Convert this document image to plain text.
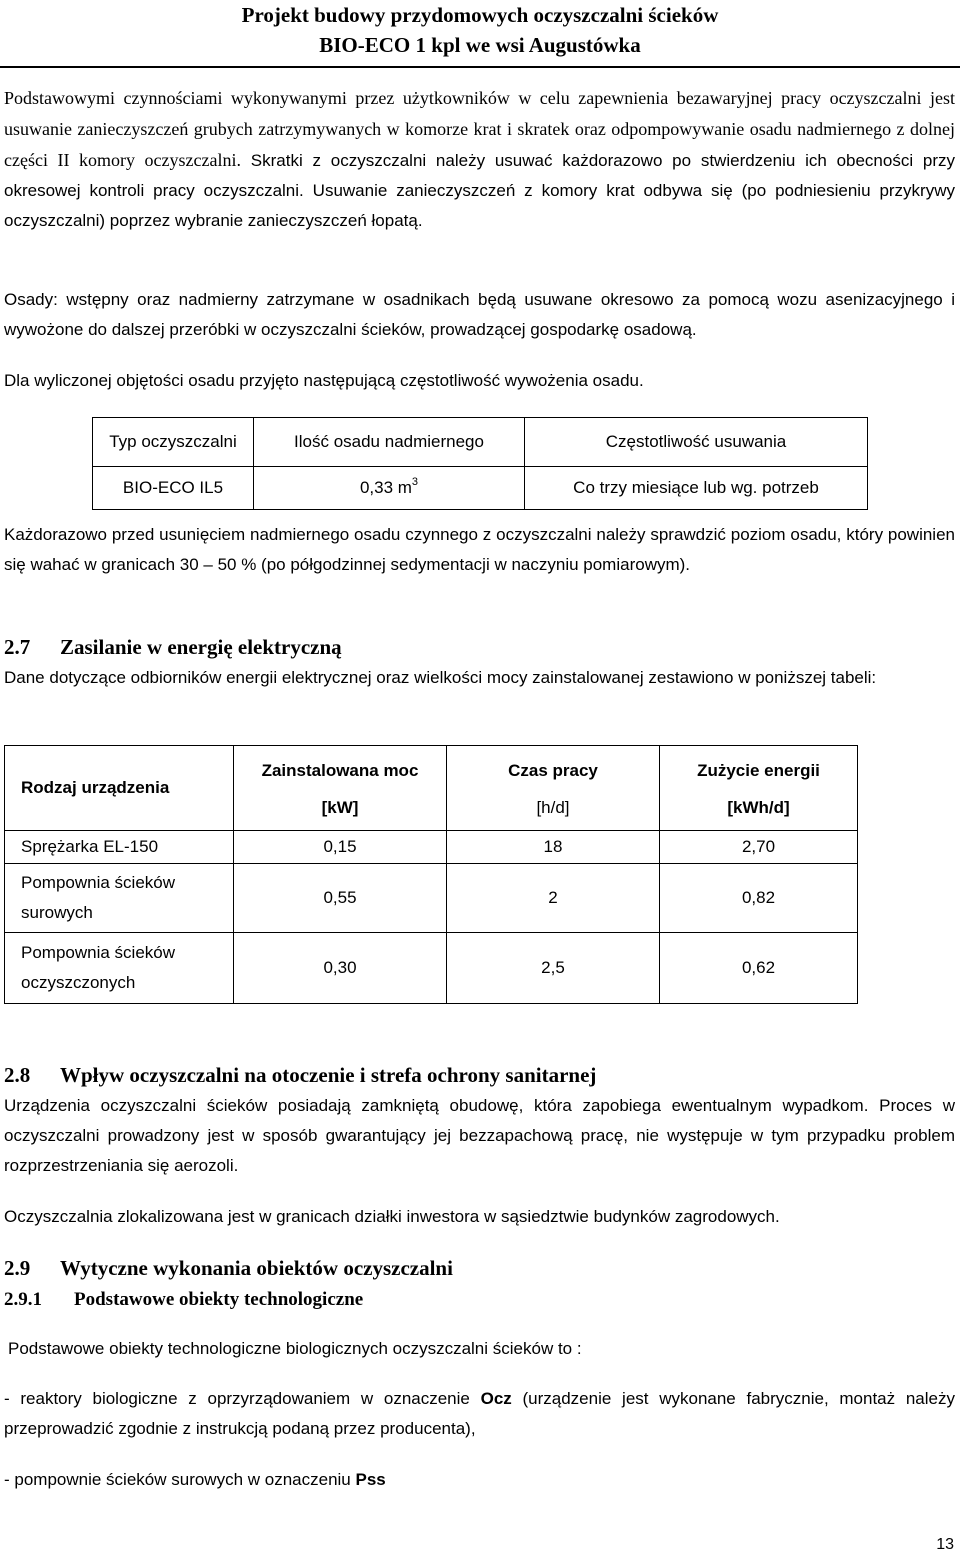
Projekt budowy przydomowych oczyszczalni ścieków
BIO-ECO 1 kpl we wsi Augustówka
Podstawowymi czynnościami wykonywanymi przez użytkowników w celu zapewnienia bezawaryjnej pracy oczyszczalni jest usuwanie zanieczyszczeń grubych zatrzymywanych w komorze krat i skratek oraz odpompowywanie osadu nadmiernego z dolnej części II komory oczyszczalni. Skratki z oczyszczalni należy usuwać każdorazowo po stwierdzeniu ich obecności przy okresowej kontroli pracy oczyszczalni. Usuwanie zanieczyszczeń z komory krat odbywa się (po podniesieniu przykrywy oczyszczalni) poprzez wybranie zanieczyszczeń łopatą.
Osady: wstępny oraz nadmierny zatrzymane w osadnikach będą usuwane okresowo za pomocą wozu asenizacyjnego i wywożone do dalszej przeróbki w oczyszczalni ścieków, prowadzącej gospodarkę osadową.
Dla wyliczonej objętości osadu przyjęto następującą częstotliwość wywożenia osadu.
Typ oczyszczalni	Ilość osadu nadmiernego	Częstotliwość usuwania
BIO-ECO IL5	0,33 $m^3$	Co trzy miesiące lub wg. potrzeb
Każdorazowo przed usunięciem nadmiernego osadu czynnego z oczyszczalni należy sprawdzić poziom osadu, który powinien się wahać w granicach 30 – 50 % (po półgodzinnej sedymentacji w naczyniu pomiarowym).
2.7 Zasilanie w energię elektryczną
Dane dotyczące odbiorników energii elektrycznej oraz wielkości mocy zainstalowanej zestawiono w poniższej tabeli:
Rodzaj urządzenia	Zainstalowana moc	Czas pracy	Zużycie energii
	[kW]	[h/d]	[kWh/d]
Sprężarka EL-150	0,15	18	2,70
Pompownia ścieków
surowych	0,55	2	0,82
Pompownia ścieków
oczyszczonych	0,30	2,5	0,62
2.8 Wpływ oczyszczalni na otoczenie i strefa ochrony sanitarnej
Urządzenia oczyszczalni ścieków posiadają zamkniętą obudowę, która zapobiega ewentualnym wypadkom. Proces w oczyszczalni prowadzony jest w sposób gwarantujący jej bezzapachową pracę, nie występuje w tym przypadku problem rozprzestrzeniania się aerozoli.
Oczyszczalnia zlokalizowana jest w granicach działki inwestora w sąsiedztwie budynków zagrodowych.
2.9 Wytyczne wykonania obiektów oczyszczalni
2.9.1 Podstawowe obiekty technologiczne
Podstawowe obiekty technologiczne biologicznych oczyszczalni ścieków to :
- reaktory biologiczne z oprzyrządowaniem w oznaczenie Ocz (urządzenie jest wykonane fabrycznie, montaż należy przeprowadzić zgodnie z instrukcją podaną przez producenta),
- pompownie ścieków surowych w oznaczeniu Pss
13
